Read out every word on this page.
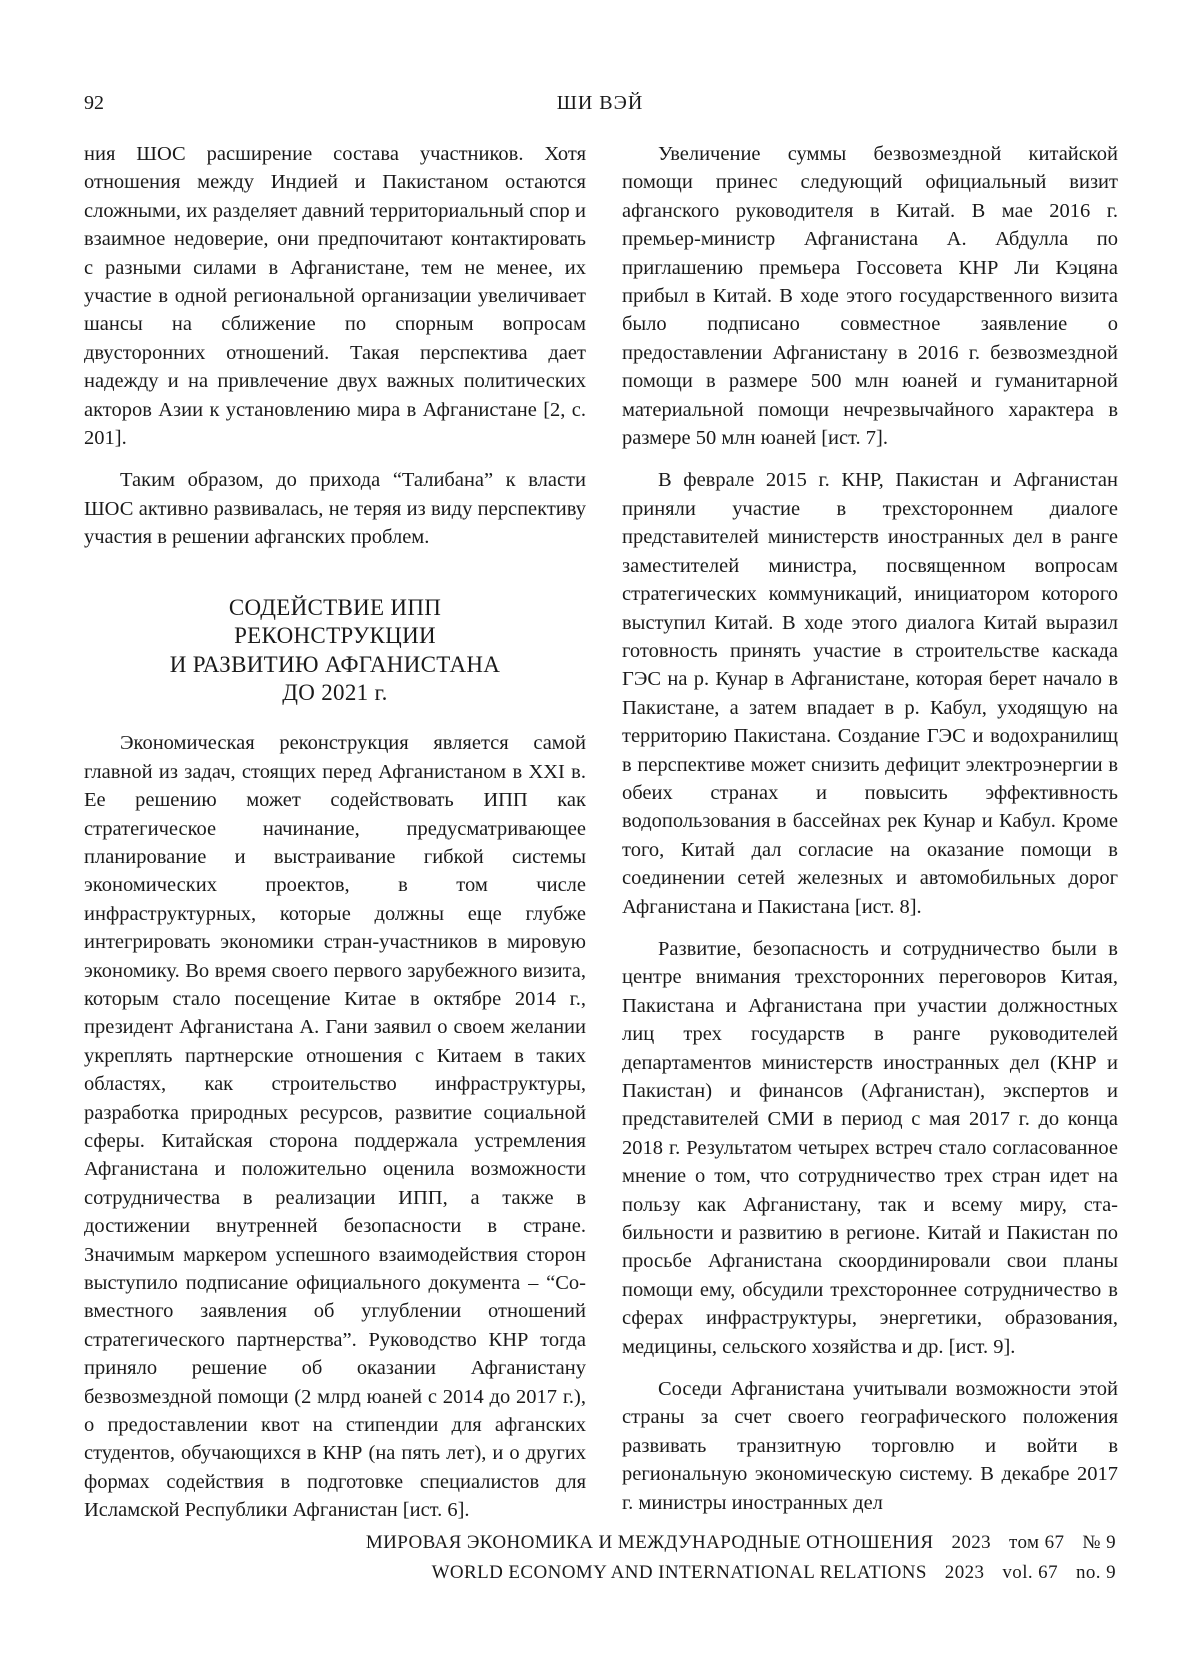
92	ШИ ВЭЙ

ния ШОС расширение состава участников. Хотя отношения между Индией и Пакистаном остаются сложными, их разделяет давний территориальный спор и взаимное недоверие, они предпочитают контактировать с разными силами в Афганистане, тем не менее, их участие в одной региональной организации увеличивает шансы на сближение по спорным вопросам двусторонних отношений. Такая перспектива дает надежду и на привлечение двух важных политических акторов Азии к установлению мира в Афганистане [2, с. 201].

Таким образом, до прихода “Талибана” к власти ШОС активно развивалась, не теряя из виду перспективу участия в решении афганских проблем.

СОДЕЙСТВИЕ ИПП
РЕКОНСТРУКЦИИ
И РАЗВИТИЮ АФГАНИСТАНА
ДО 2021 г.

Экономическая реконструкция является самой главной из задач, стоящих перед Афганистаном в XXI в. Ее решению может содействовать ИПП как стратегическое начинание, предусматривающее планирование и выстраивание гибкой системы экономических проектов, в том числе инфраструктурных, которые должны еще глубже интегрировать экономики стран-участников в мировую экономику. Во время своего первого зарубежного визита, которым стало посещение Китае в октябре 2014 г., президент Афганистана А. Гани заявил о своем желании укреплять партнерские отношения с Китаем в таких областях, как строительство инфраструктуры, разработка природных ресурсов, развитие социальной сферы. Китайская сторона поддержала устремления Афганистана и положительно оценила возможности сотрудничества в реализации ИПП, а также в достижении внутренней безопасности в стране. Значимым маркером успешного взаимодействия сторон выступило подписание официального документа – “Совместного заявления об углублении отношений стратегического партнерства”. Руководство КНР тогда приняло решение об оказании Афганистану безвозмездной помощи (2 млрд юаней с 2014 до 2017 г.), о предоставлении квот на стипендии для афганских студентов, обучающихся в КНР (на пять лет), и о других формах содействия в подготовке специалистов для Исламской Республики Афганистан [ист. 6].

Увеличение суммы безвозмездной китайской помощи принес следующий официальный визит афганского руководителя в Китай. В мае 2016 г. премьер-министр Афганистана А. Абдулла по приглашению премьера Госсовета КНР Ли Кэцяна прибыл в Китай. В ходе этого государственного визита было подписано совместное заявление о предоставлении Афганистану в 2016 г. безвозмездной помощи в размере 500 млн юаней и гуманитарной материальной помощи нечрезвычайного характера в размере 50 млн юаней [ист. 7].

В феврале 2015 г. КНР, Пакистан и Афганистан приняли участие в трехстороннем диалоге представителей министерств иностранных дел в ранге заместителей министра, посвященном вопросам стратегических коммуникаций, инициатором которого выступил Китай. В ходе этого диалога Китай выразил готовность принять участие в строительстве каскада ГЭС на р. Кунар в Афганистане, которая берет начало в Пакистане, а затем впадает в р. Кабул, уходящую на территорию Пакистана. Создание ГЭС и водохранилищ в перспективе может снизить дефицит электроэнергии в обеих странах и повысить эффективность водопользования в бассейнах рек Кунар и Кабул. Кроме того, Китай дал согласие на оказание помощи в соединении сетей железных и автомобильных дорог Афганистана и Пакистана [ист. 8].

Развитие, безопасность и сотрудничество были в центре внимания трехсторонних переговоров Китая, Пакистана и Афганистана при участии должностных лиц трех государств в ранге руководителей департаментов министерств иностранных дел (КНР и Пакистан) и финансов (Афганистан), экспертов и представителей СМИ в период с мая 2017 г. до конца 2018 г. Результатом четырех встреч стало согласованное мнение о том, что сотрудничество трех стран идет на пользу как Афганистану, так и всему миру, стабильности и развитию в регионе. Китай и Пакистан по просьбе Афганистана скоординировали свои планы помощи ему, обсудили трехстороннее сотрудничество в сферах инфраструктуры, энергетики, образования, медицины, сельского хозяйства и др. [ист. 9].

Соседи Афганистана учитывали возможности этой страны за счет своего географического положения развивать транзитную торговлю и войти в региональную экономическую систему. В декабре 2017 г. министры иностранных дел

МИРОВАЯ ЭКОНОМИКА И МЕЖДУНАРОДНЫЕ ОТНОШЕНИЯ 2023 том 67 № 9
WORLD ECONOMY AND INTERNATIONAL RELATIONS 2023 vol. 67 no. 9
